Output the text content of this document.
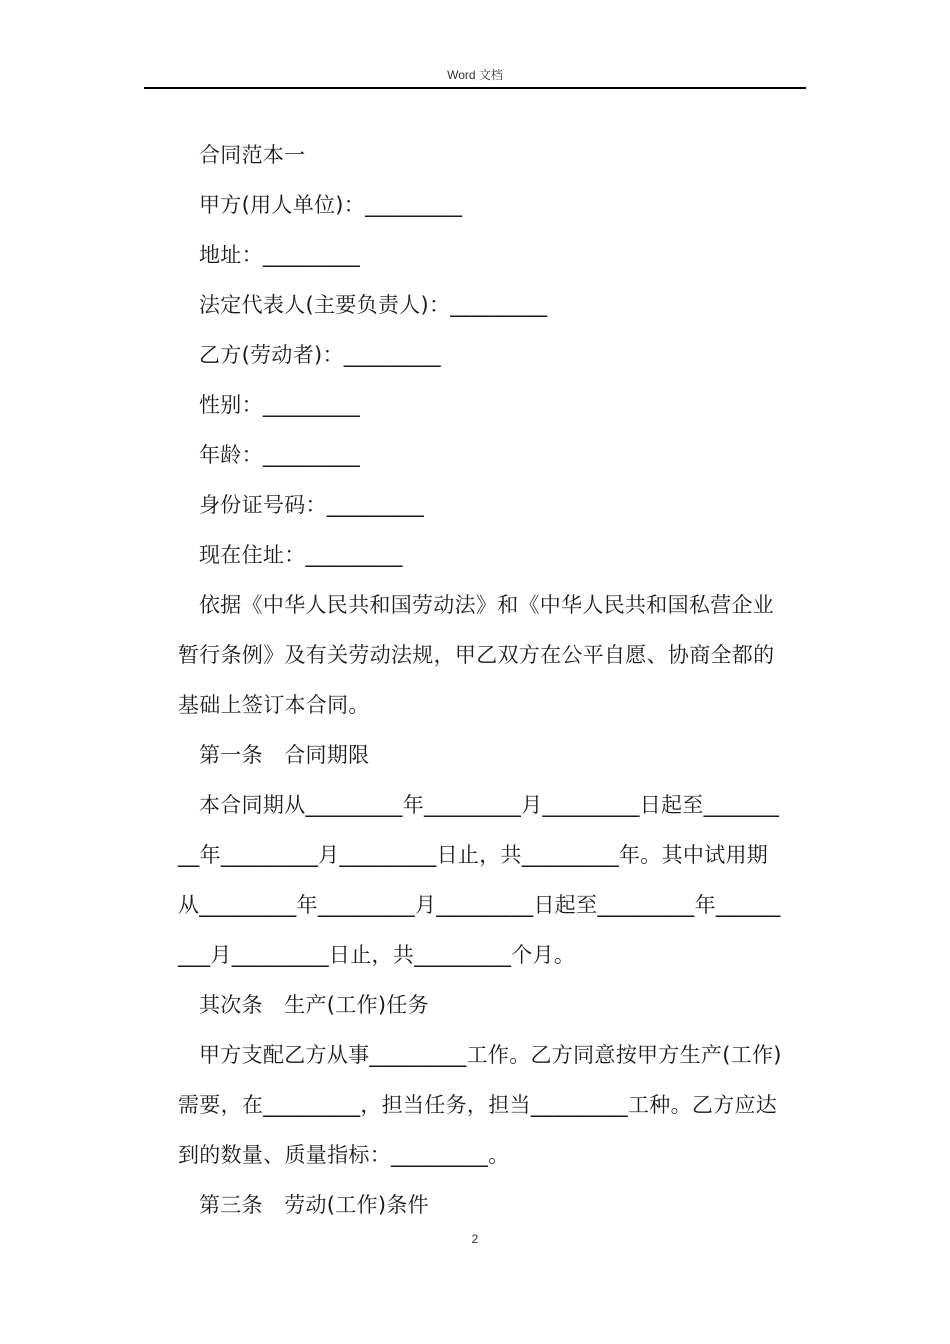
Word 文档
合同范本一
甲方(用人单位)：_________
地址：_________
法定代表人(主要负责人)：_________
乙方(劳动者)：_________
性别：_________
年龄：_________
身份证号码：_________
现在住址：_________
依据《中华人民共和国劳动法》和《中华人民共和国私营企业
暂行条例》及有关劳动法规，甲乙双方在公平自愿、协商全都的
基础上签订本合同。
第一条　合同期限
本合同期从_________年_________月_________日起至_______
__年_________月_________日止，共_________年。其中试用期
从_________年_________月_________日起至_________年______
___月_________日止，共_________个月。
其次条　生产(工作)任务
甲方支配乙方从事_________工作。乙方同意按甲方生产(工作)
需要，在_________，担当任务，担当_________工种。乙方应达
到的数量、质量指标：_________。
第三条　劳动(工作)条件
2
